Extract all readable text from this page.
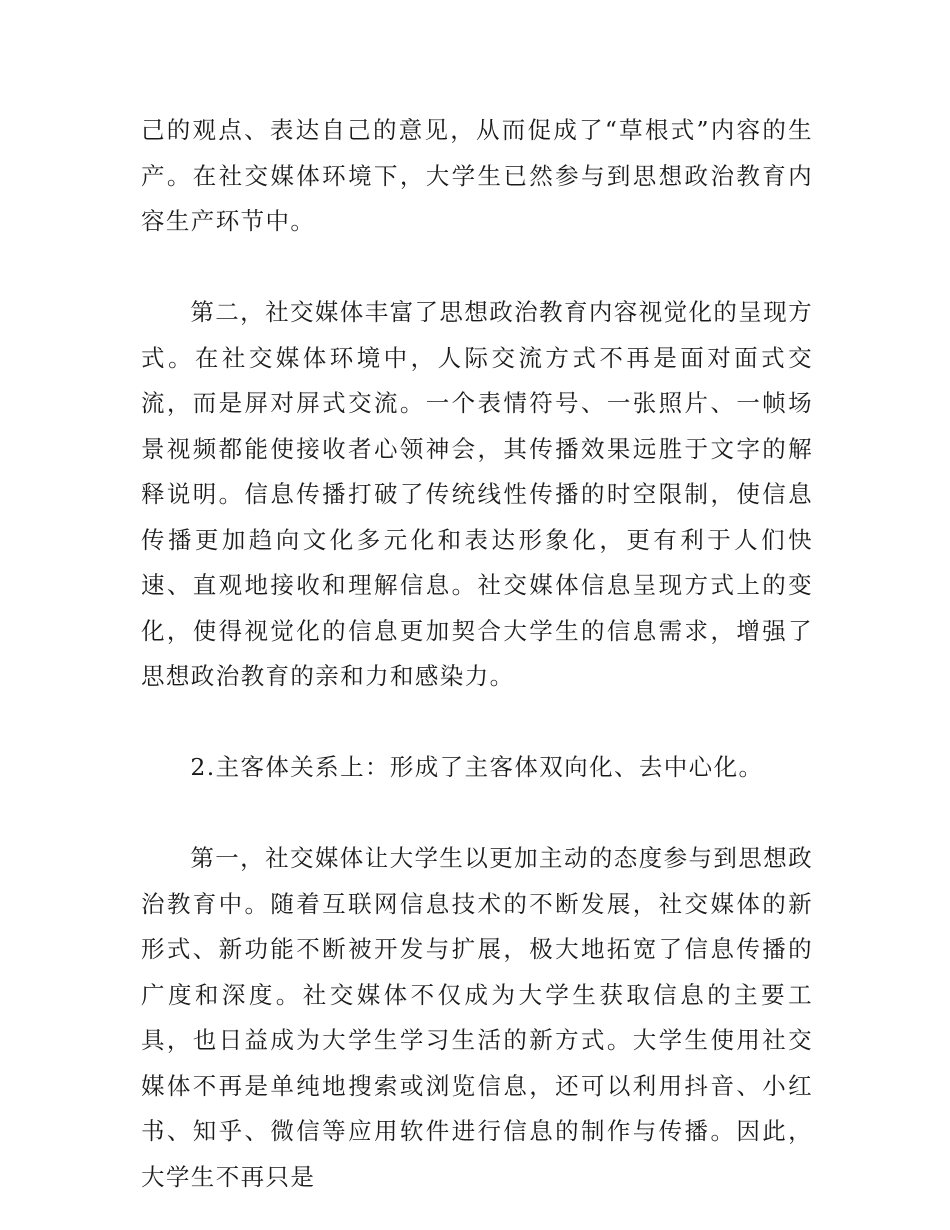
己的观点、表达自己的意见，从而促成了“草根式”内容的生产。在社交媒体环境下，大学生已然参与到思想政治教育内容生产环节中。

第二，社交媒体丰富了思想政治教育内容视觉化的呈现方式。在社交媒体环境中，人际交流方式不再是面对面式交流，而是屏对屏式交流。一个表情符号、一张照片、一帧场景视频都能使接收者心领神会，其传播效果远胜于文字的解释说明。信息传播打破了传统线性传播的时空限制，使信息传播更加趋向文化多元化和表达形象化，更有利于人们快速、直观地接收和理解信息。社交媒体信息呈现方式上的变化，使得视觉化的信息更加契合大学生的信息需求，增强了思想政治教育的亲和力和感染力。

2.主客体关系上：形成了主客体双向化、去中心化。

第一，社交媒体让大学生以更加主动的态度参与到思想政治教育中。随着互联网信息技术的不断发展，社交媒体的新形式、新功能不断被开发与扩展，极大地拓宽了信息传播的广度和深度。社交媒体不仅成为大学生获取信息的主要工具，也日益成为大学生学习生活的新方式。大学生使用社交媒体不再是单纯地搜索或浏览信息，还可以利用抖音、小红书、知乎、微信等应用软件进行信息的制作与传播。因此，大学生不再只是
